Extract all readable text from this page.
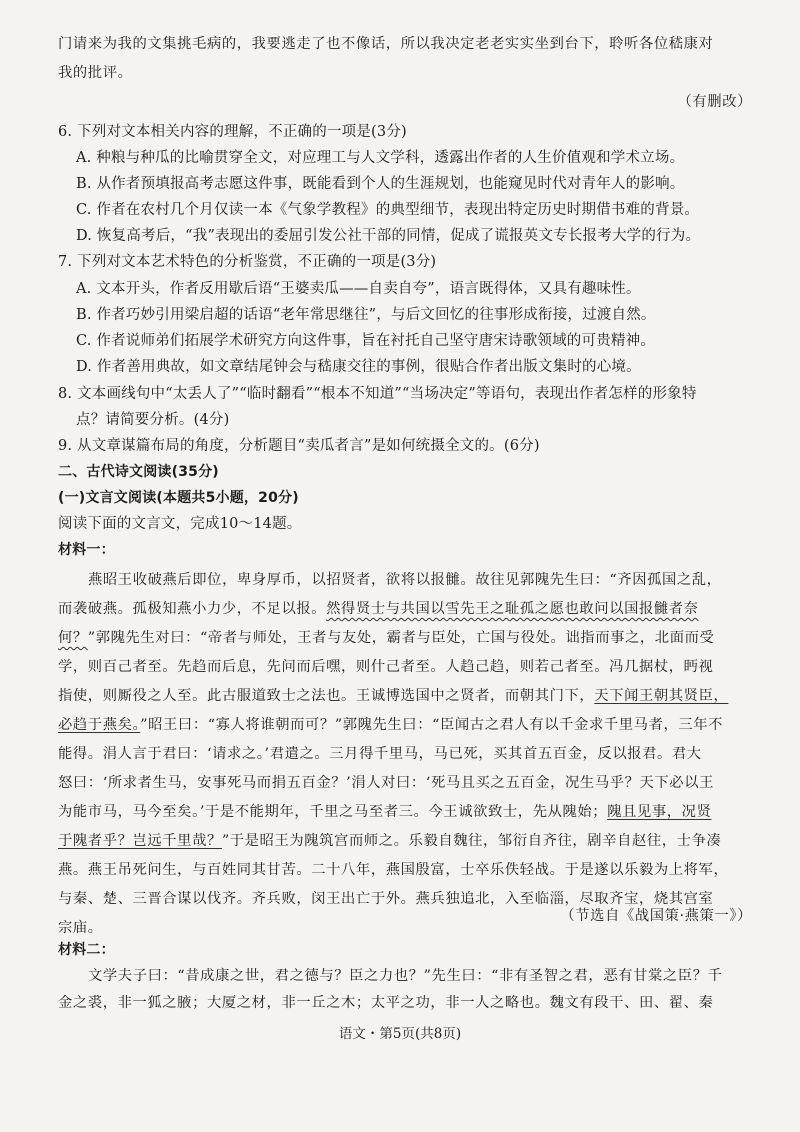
门请来为我的文集挑毛病的，我要逃走了也不像话，所以我决定老老实实坐到台下，聆听各位嵇康对
我的批评。
（有删改）
6. 下列对文本相关内容的理解，不正确的一项是(3分)
A. 种粮与种瓜的比喻贯穿全文，对应理工与人文学科，透露出作者的人生价值观和学术立场。
B. 从作者预填报高考志愿这件事，既能看到个人的生涯规划，也能窥见时代对青年人的影响。
C. 作者在农村几个月仅读一本《气象学教程》的典型细节，表现出特定历史时期借书难的背景。
D. 恢复高考后，“我”表现出的委屈引发公社干部的同情，促成了谎报英文专长报考大学的行为。
7. 下列对文本艺术特色的分析鉴赏，不正确的一项是(3分)
A. 文本开头，作者反用歇后语“王婆卖瓜——自卖自夸”，语言既得体，又具有趣味性。
B. 作者巧妙引用梁启超的话语“老年常思继往”，与后文回忆的往事形成衔接，过渡自然。
C. 作者说师弟们拓展学术研究方向这件事，旨在衬托自己坚守唐宋诗歌领域的可贵精神。
D. 作者善用典故，如文章结尾钟会与嵇康交往的事例，很贴合作者出版文集时的心境。
8. 文本画线句中“太丢人了”“临时翻看”“根本不知道”“当场决定”等语句，表现出作者怎样的形象特
点？请简要分析。(4分)
9. 从文章谋篇布局的角度，分析题目“卖瓜者言”是如何统摄全文的。(6分)
二、古代诗文阅读(35分)
(一)文言文阅读(本题共5小题，20分)
阅读下面的文言文，完成10～14题。
材料一：
燕昭王收破燕后即位，卑身厚币，以招贤者，欲将以报雠。故往见郭隗先生曰：“齐因孤国之乱，
而袭破燕。孤极知燕小力少，不足以报。然得贤士与共国以雪先王之耻孤之愿也敢问以国报雠者奈
何？”郭隗先生对曰：“帝者与师处，王者与友处，霸者与臣处，亡国与役处。诎指而事之，北面而受
学，则百己者至。先趋而后息，先问而后嘿，则什己者至。人趋己趋，则若己者至。冯几据杖，眄视
指使，则厮役之人至。此古服道致士之法也。王诚博选国中之贤者，而朝其门下，天下闻王朝其贤臣，
必趋于燕矣。”昭王曰：“寡人将谁朝而可？”郭隗先生曰：“臣闻古之君人有以千金求千里马者，三年不
能得。涓人言于君曰：‘请求之。’君遣之。三月得千里马，马已死，买其首五百金，反以报君。君大
怒曰：‘所求者生马，安事死马而捐五百金？’涓人对曰：‘死马且买之五百金，况生马乎？天下必以王
为能市马，马今至矣。’于是不能期年，千里之马至者三。今王诚欲致士，先从隗始；隗且见事，况贤
于隗者乎？岂远千里哉？”于是昭王为隗筑宫而师之。乐毅自魏往，邹衍自齐往，剧辛自赵往，士争凑
燕。燕王吊死问生，与百姓同其甘苦。二十八年，燕国殷富，士卒乐佚轻战。于是遂以乐毅为上将军，
与秦、楚、三晋合谋以伐齐。齐兵败，闵王出亡于外。燕兵独追北，入至临淄，尽取齐宝，烧其宫室
宗庙。
（节选自《战国策·燕策一》）
材料二：
文学夫子曰：“昔成康之世，君之德与？臣之力也？”先生曰：“非有圣智之君，恶有甘棠之臣？千
金之裘，非一狐之腋；大厦之材，非一丘之木；太平之功，非一人之略也。魏文有段干、田、翟、秦
语文・第5页(共8页)
